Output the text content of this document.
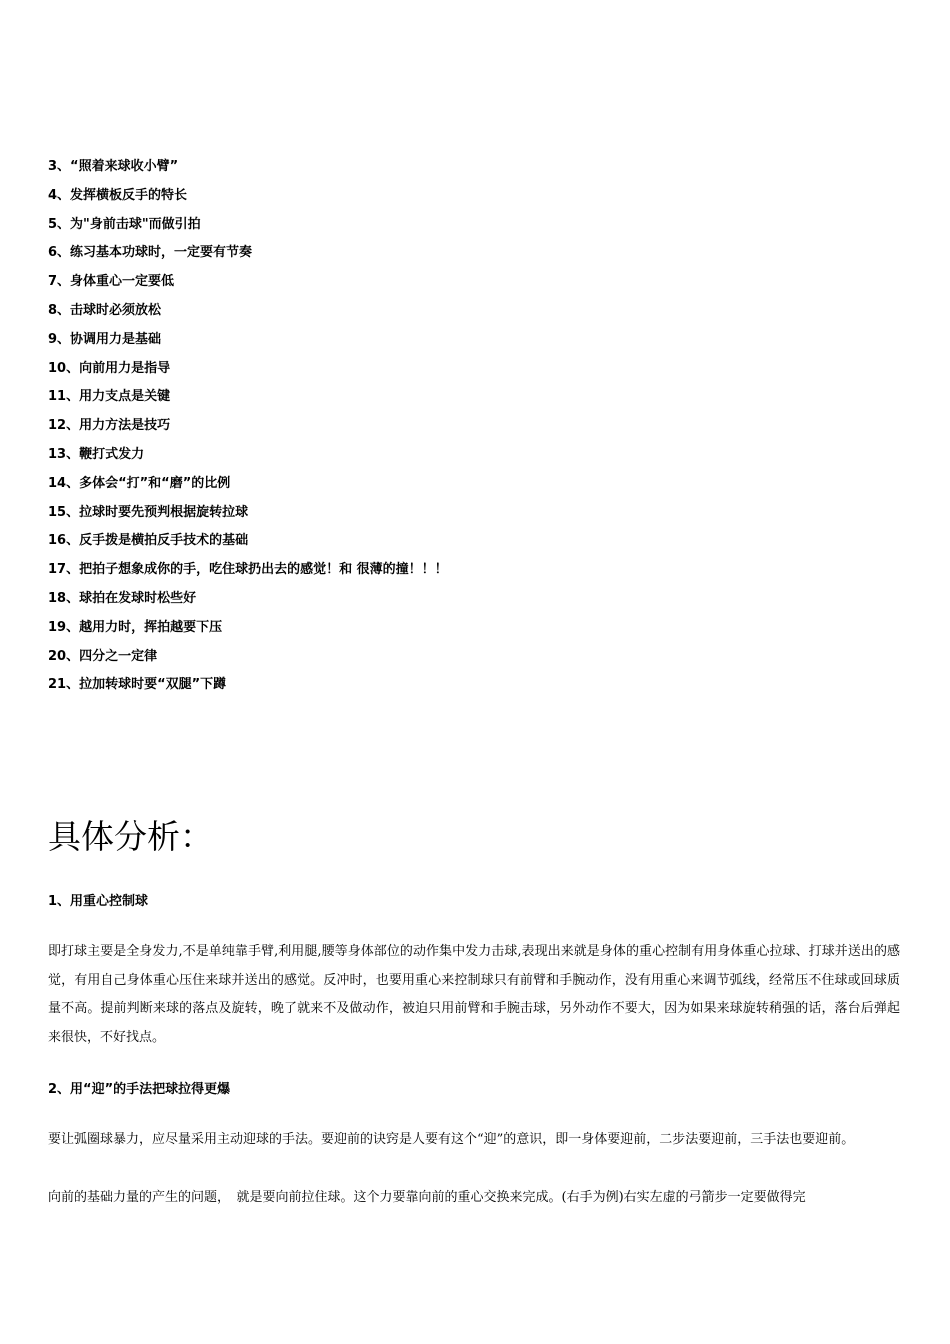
3、“照着来球收小臂”
4、发挥横板反手的特长
5、为"身前击球"而做引拍
6、练习基本功球时，一定要有节奏
7、身体重心一定要低
8、击球时必须放松
9、协调用力是基础
10、向前用力是指导
11、用力支点是关键
12、用力方法是技巧
13、鞭打式发力
14、多体会“打”和“磨”的比例
15、拉球时要先预判根据旋转拉球
16、反手拨是横拍反手技术的基础
17、把拍子想象成你的手，吃住球扔出去的感觉！和 很薄的撞！！！
18、球拍在发球时松些好
19、越用力时，挥拍越要下压
20、四分之一定律
21、拉加转球时要“双腿”下蹲
具体分析：

1、用重心控制球

即打球主要是全身发力,不是单纯靠手臂,利用腿,腰等身体部位的动作集中发力击球,表现出来就是身体的重心控制有用身体重心拉球、打球并送出的感觉，有用自己身体重心压住来球并送出的感觉。反冲时，也要用重心来控制球只有前臂和手腕动作，没有用重心来调节弧线，经常压不住球或回球质量不高。提前判断来球的落点及旋转，晚了就来不及做动作，被迫只用前臂和手腕击球，另外动作不要大，因为如果来球旋转稍强的话，落台后弹起来很快，不好找点。

2、用“迎”的手法把球拉得更爆

要让弧圈球暴力，应尽量采用主动迎球的手法。要迎前的诀窍是人要有这个“迎”的意识，即一身体要迎前，二步法要迎前，三手法也要迎前。

向前的基础力量的产生的问题，　就是要向前拉住球。这个力要靠向前的重心交换来完成。(右手为例)右实左虚的弓箭步一定要做得完
